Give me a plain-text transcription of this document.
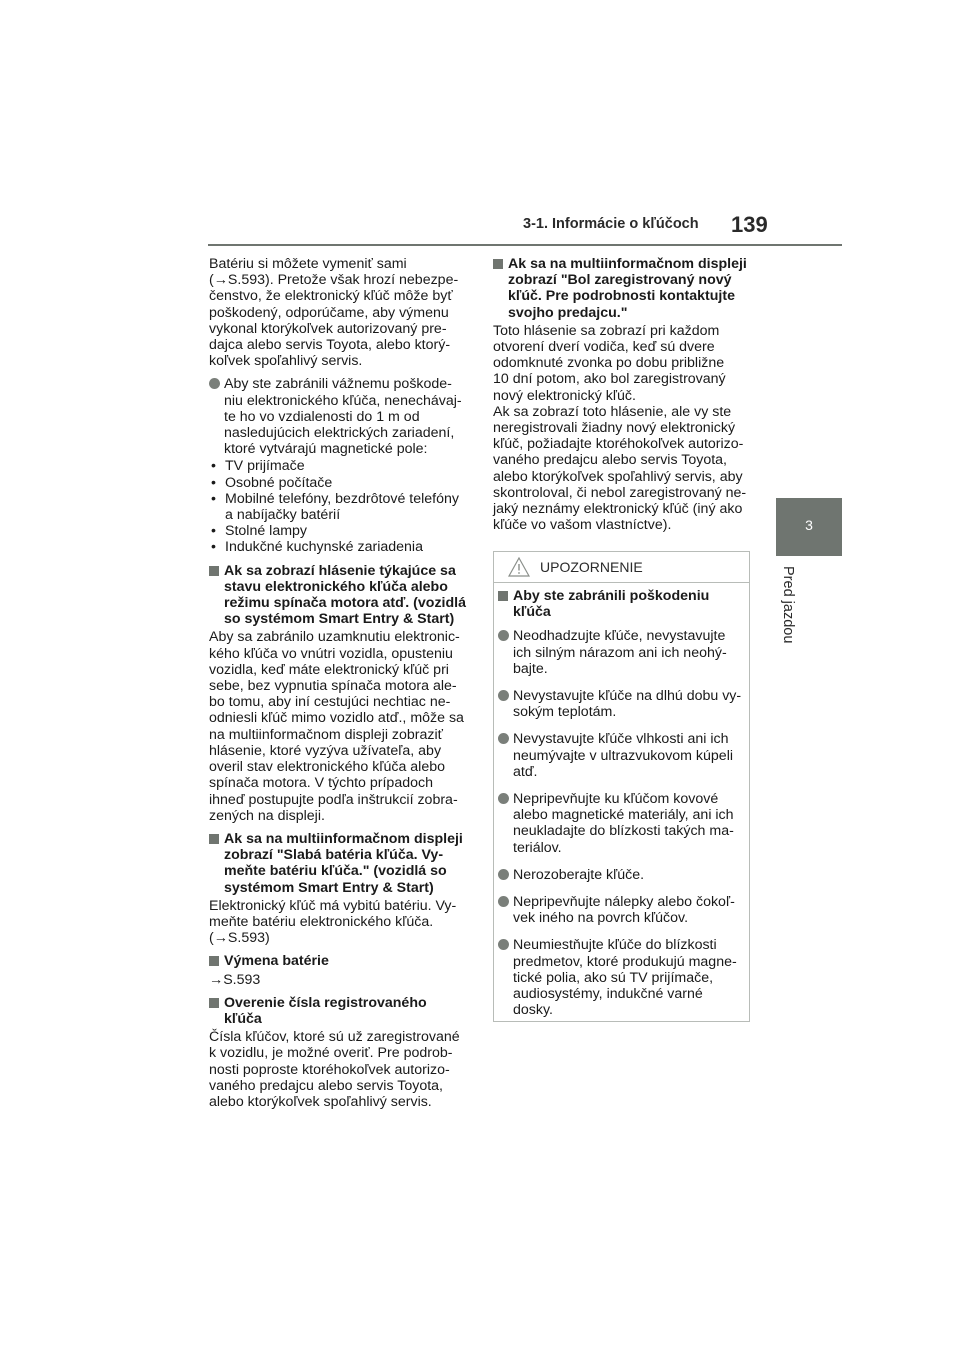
3-1. Informácie o kľúčoch 139
3
Pred jazdou

Batériu si môžete vymeniť sami
(→S.593). Pretože však hrozí nebezpe-
čenstvo, že elektronický kľúč môže byť
poškodený, odporúčame, aby výmenu
vykonal ktorýkoľvek autorizovaný pre-
dajca alebo servis Toyota, alebo ktorý-
koľvek spoľahlivý servis.

Aby ste zabránili vážnemu poškode-
niu elektronického kľúča, nenechávaj-
te ho vo vzdialenosti do 1 m od
nasledujúcich elektrických zariadení,
ktoré vytvárajú magnetické pole:
• TV prijímače
• Osobné počítače
• Mobilné telefóny, bezdrôtové telefóny
a nabíjačky batérií
• Stolné lampy
• Indukčné kuchynské zariadenia
Ak sa zobrazí hlásenie týkajúce sa
stavu elektronického kľúča alebo
režimu spínača motora atď. (vozidlá
so systémom Smart Entry & Start)

Aby sa zabránilo uzamknutiu elektronic-
kého kľúča vo vnútri vozidla, opusteniu
vozidla, keď máte elektronický kľúč pri
sebe, bez vypnutia spínača motora ale-
bo tomu, aby iní cestujúci nechtiac ne-
odniesli kľúč mimo vozidlo atď., môže sa
na multiinformačnom displeji zobraziť
hlásenie, ktoré vyzýva užívateľa, aby
overil stav elektronického kľúča alebo
spínača motora. V týchto prípadoch
ihneď postupujte podľa inštrukcií zobra-
zených na displeji.

Ak sa na multiinformačnom displeji
zobrazí "Slabá batéria kľúča. Vy-
meňte batériu kľúča." (vozidlá so
systémom Smart Entry & Start)

Elektronický kľúč má vybitú batériu. Vy-
meňte batériu elektronického kľúča.
(→S.593)

Výmena batérie

→S.593

Overenie čísla registrovaného
kľúča

Čísla kľúčov, ktoré sú už zaregistrované
k vozidlu, je možné overiť. Pre podrob-
nosti poproste ktoréhokoľvek autorizo-
vaného predajcu alebo servis Toyota,
alebo ktorýkoľvek spoľahlivý servis.

Ak sa na multiinformačnom displeji
zobrazí "Bol zaregistrovaný nový
kľúč. Pre podrobnosti kontaktujte
svojho predajcu."

Toto hlásenie sa zobrazí pri každom
otvorení dverí vodiča, keď sú dvere
odomknuté zvonka po dobu približne
10 dní potom, ako bol zaregistrovaný
nový elektronický kľúč.
Ak sa zobrazí toto hlásenie, ale vy ste
neregistrovali žiadny nový elektronický
kľúč, požiadajte ktoréhokoľvek autorizo-
vaného predajcu alebo servis Toyota,
alebo ktorýkoľvek spoľahlivý servis, aby
skontroloval, či nebol zaregistrovaný ne-
jaký neznámy elektronický kľúč (iný ako
kľúče vo vašom vlastníctve).

UPOZORNENIE
Aby ste zabránili poškodeniu
kľúča
Neodhadzujte kľúče, nevystavujte
ich silným nárazom ani ich neohý-
bajte.
Nevystavujte kľúče na dlhú dobu vy-
sokým teplotám.
Nevystavujte kľúče vlhkosti ani ich
neumývajte v ultrazvukovom kúpeli
atď.
Nepripevňujte ku kľúčom kovové
alebo magnetické materiály, ani ich
neukladajte do blízkosti takých ma-
teriálov.
Nerozoberajte kľúče.
Nepripevňujte nálepky alebo čokoľ-
vek iného na povrch kľúčov.
Neumiestňujte kľúče do blízkosti
predmetov, ktoré produkujú magne-
tické polia, ako sú TV prijímače,
audiosystémy, indukčné varné
dosky.
